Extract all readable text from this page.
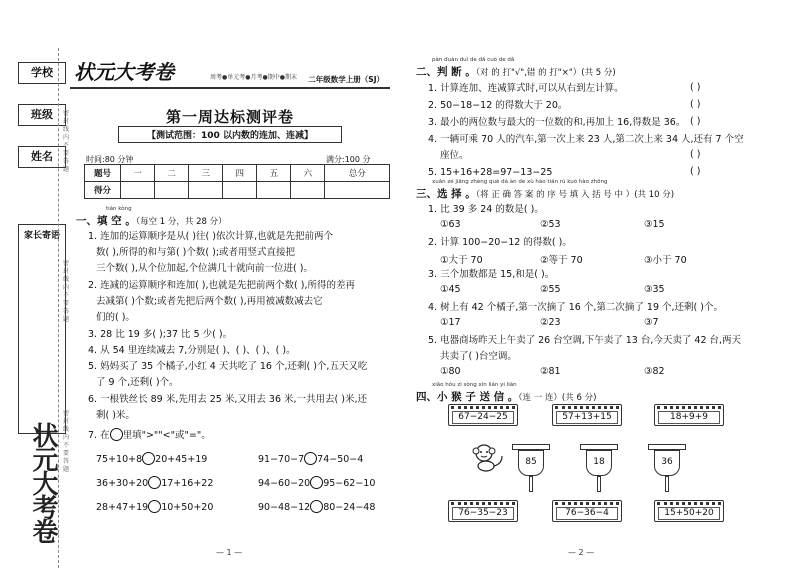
学校
班级
姓名
家长寄语
密封线内不要答题
密封线内不要答题
密封线内不要答题
状元大考卷
状元大考卷	周考●单元考●月考●期中●期末 二年级数学上册（SJ）
第一周达标测评卷
【测试范围：100 以内数的连加、连减】
时间:80 分钟	满分:100 分
题号	一	二	三	四	五	六	总分
得分							
tián kòng
一、填 空 。（每空 1 分，共 28 分）
1. 连加的运算顺序是从( )往( )依次计算,也就是先把前两个
数( ),所得的和与第( )个数( );或者用竖式直接把
三个数( ),从个位加起,个位满几十就向前一位进( )。
2. 连减的运算顺序和连加( ),也就是先把前两个数( ),所得的差再
去减第( )个数;或者先把后两个数( ),再用被减数减去它
们的( )。
3. 28 比 19 多( );37 比 5 少( )。
4. 从 54 里连续减去 7,分别是( )、( )、( )、( )。
5. 妈妈买了 35 个橘子,小红 4 天共吃了 16 个,还剩( )个,五天又吃
了 9 个,还剩( )个。
6. 一根铁丝长 89 米,先用去 25 米,又用去 36 米,一共用去( )米,还
剩( )米。
7. 在 里填">""<"或"="。
75+10+8 20+45+19	91−70−7 74−50−4
36+30+20 17+16+22	94−60−20 95−62−10
28+47+19 10+50+20	90−48−12 80−24−48
— 1 —	— 2 —
pàn duàn duì de dǎ cuò de dǎ
二、判 断 。（对 的 打"√",错 的 打"×"）(共 5 分)
1. 计算连加、连减算式时,可以从右到左计算。	( )
2. 50−18−12 的得数大于 20。	( )
3. 最小的两位数与最大的一位数的和,再加上 16,得数是 36。 ( )
4. 一辆可乘 70 人的汽车,第一次上来 23 人,第二次上来 34 人,还有 7 个空
座位。	( )
5. 15+16+28=97−13−25	( )
xuǎn zé jiāng zhèng què dá àn de xù hào tián rù kuò hào zhōng
三、选 择 。（将 正 确 答 案 的 序 号 填 入 括 号 中 ）(共 10 分)
1. 比 39 多 24 的数是( )。
①63	②53	③15
2. 计算 100−20−12 的得数( )。
①大于 70	②等于 70	③小于 70
3. 三个加数都是 15,和是( )。
①45	②55	③35
4. 树上有 42 个橘子,第一次摘了 16 个,第二次摘了 19 个,还剩( )个。
①17	②23	③7
5. 电器商场昨天上午卖了 26 台空调,下午卖了 13 台,今天卖了 42 台,两天
共卖了( )台空调。
①80	②81	③82
xiǎo hóu zi sòng xìn lián yi lián
四、小 猴 子 送 信 。（连 一 连）(共 6 分)
67−24−25	57+13+15	18+9+9
85	18	36
76−35−23	76−36−4	15+50+20
